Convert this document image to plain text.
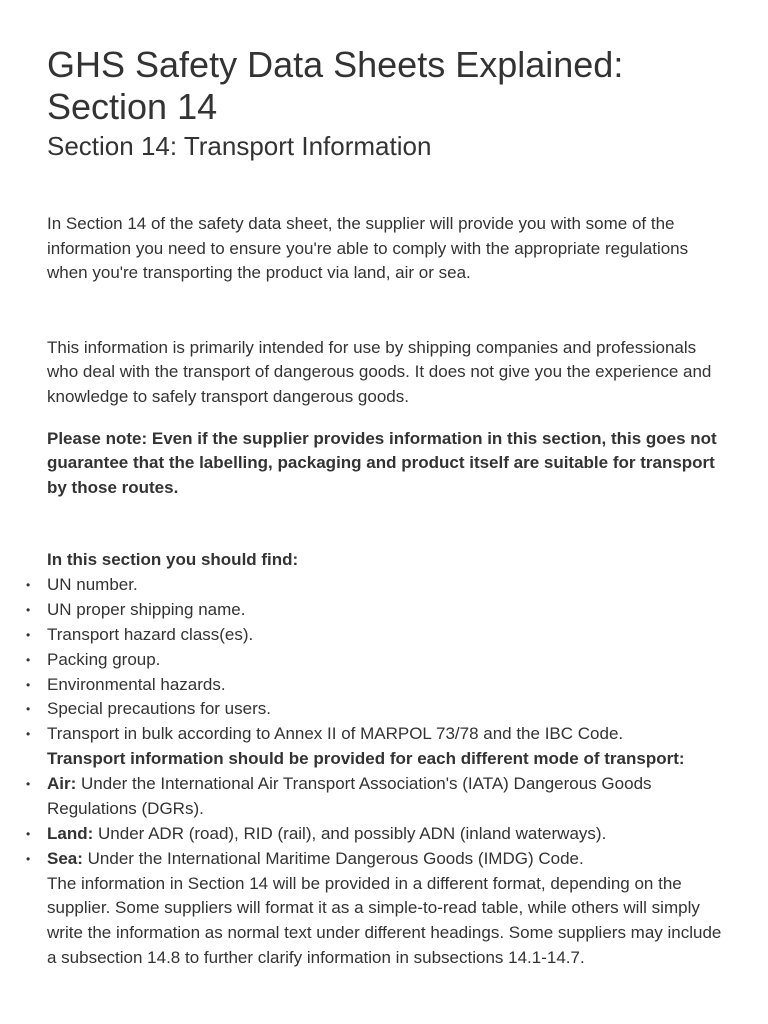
GHS Safety Data Sheets Explained: Section 14
Section 14: Transport Information

In Section 14 of the safety data sheet, the supplier will provide you with some of the information you need to ensure you're able to comply with the appropriate regulations when you're transporting the product via land, air or sea.

This information is primarily intended for use by shipping companies and professionals who deal with the transport of dangerous goods. It does not give you the experience and knowledge to safely transport dangerous goods.

Please note: Even if the supplier provides information in this section, this goes not guarantee that the labelling, packaging and product itself are suitable for transport by those routes.

In this section you should find:

• UN number.
• UN proper shipping name.
• Transport hazard class(es).
• Packing group.
• Environmental hazards.
• Special precautions for users.
• Transport in bulk according to Annex II of MARPOL 73/78 and the IBC Code.

Transport information should be provided for each different mode of transport:

• Air: Under the International Air Transport Association's (IATA) Dangerous Goods Regulations (DGRs).
• Land: Under ADR (road), RID (rail), and possibly ADN (inland waterways).
• Sea: Under the International Maritime Dangerous Goods (IMDG) Code.

The information in Section 14 will be provided in a different format, depending on the supplier. Some suppliers will format it as a simple-to-read table, while others will simply write the information as normal text under different headings. Some suppliers may include a subsection 14.8 to further clarify information in subsections 14.1-14.7.
